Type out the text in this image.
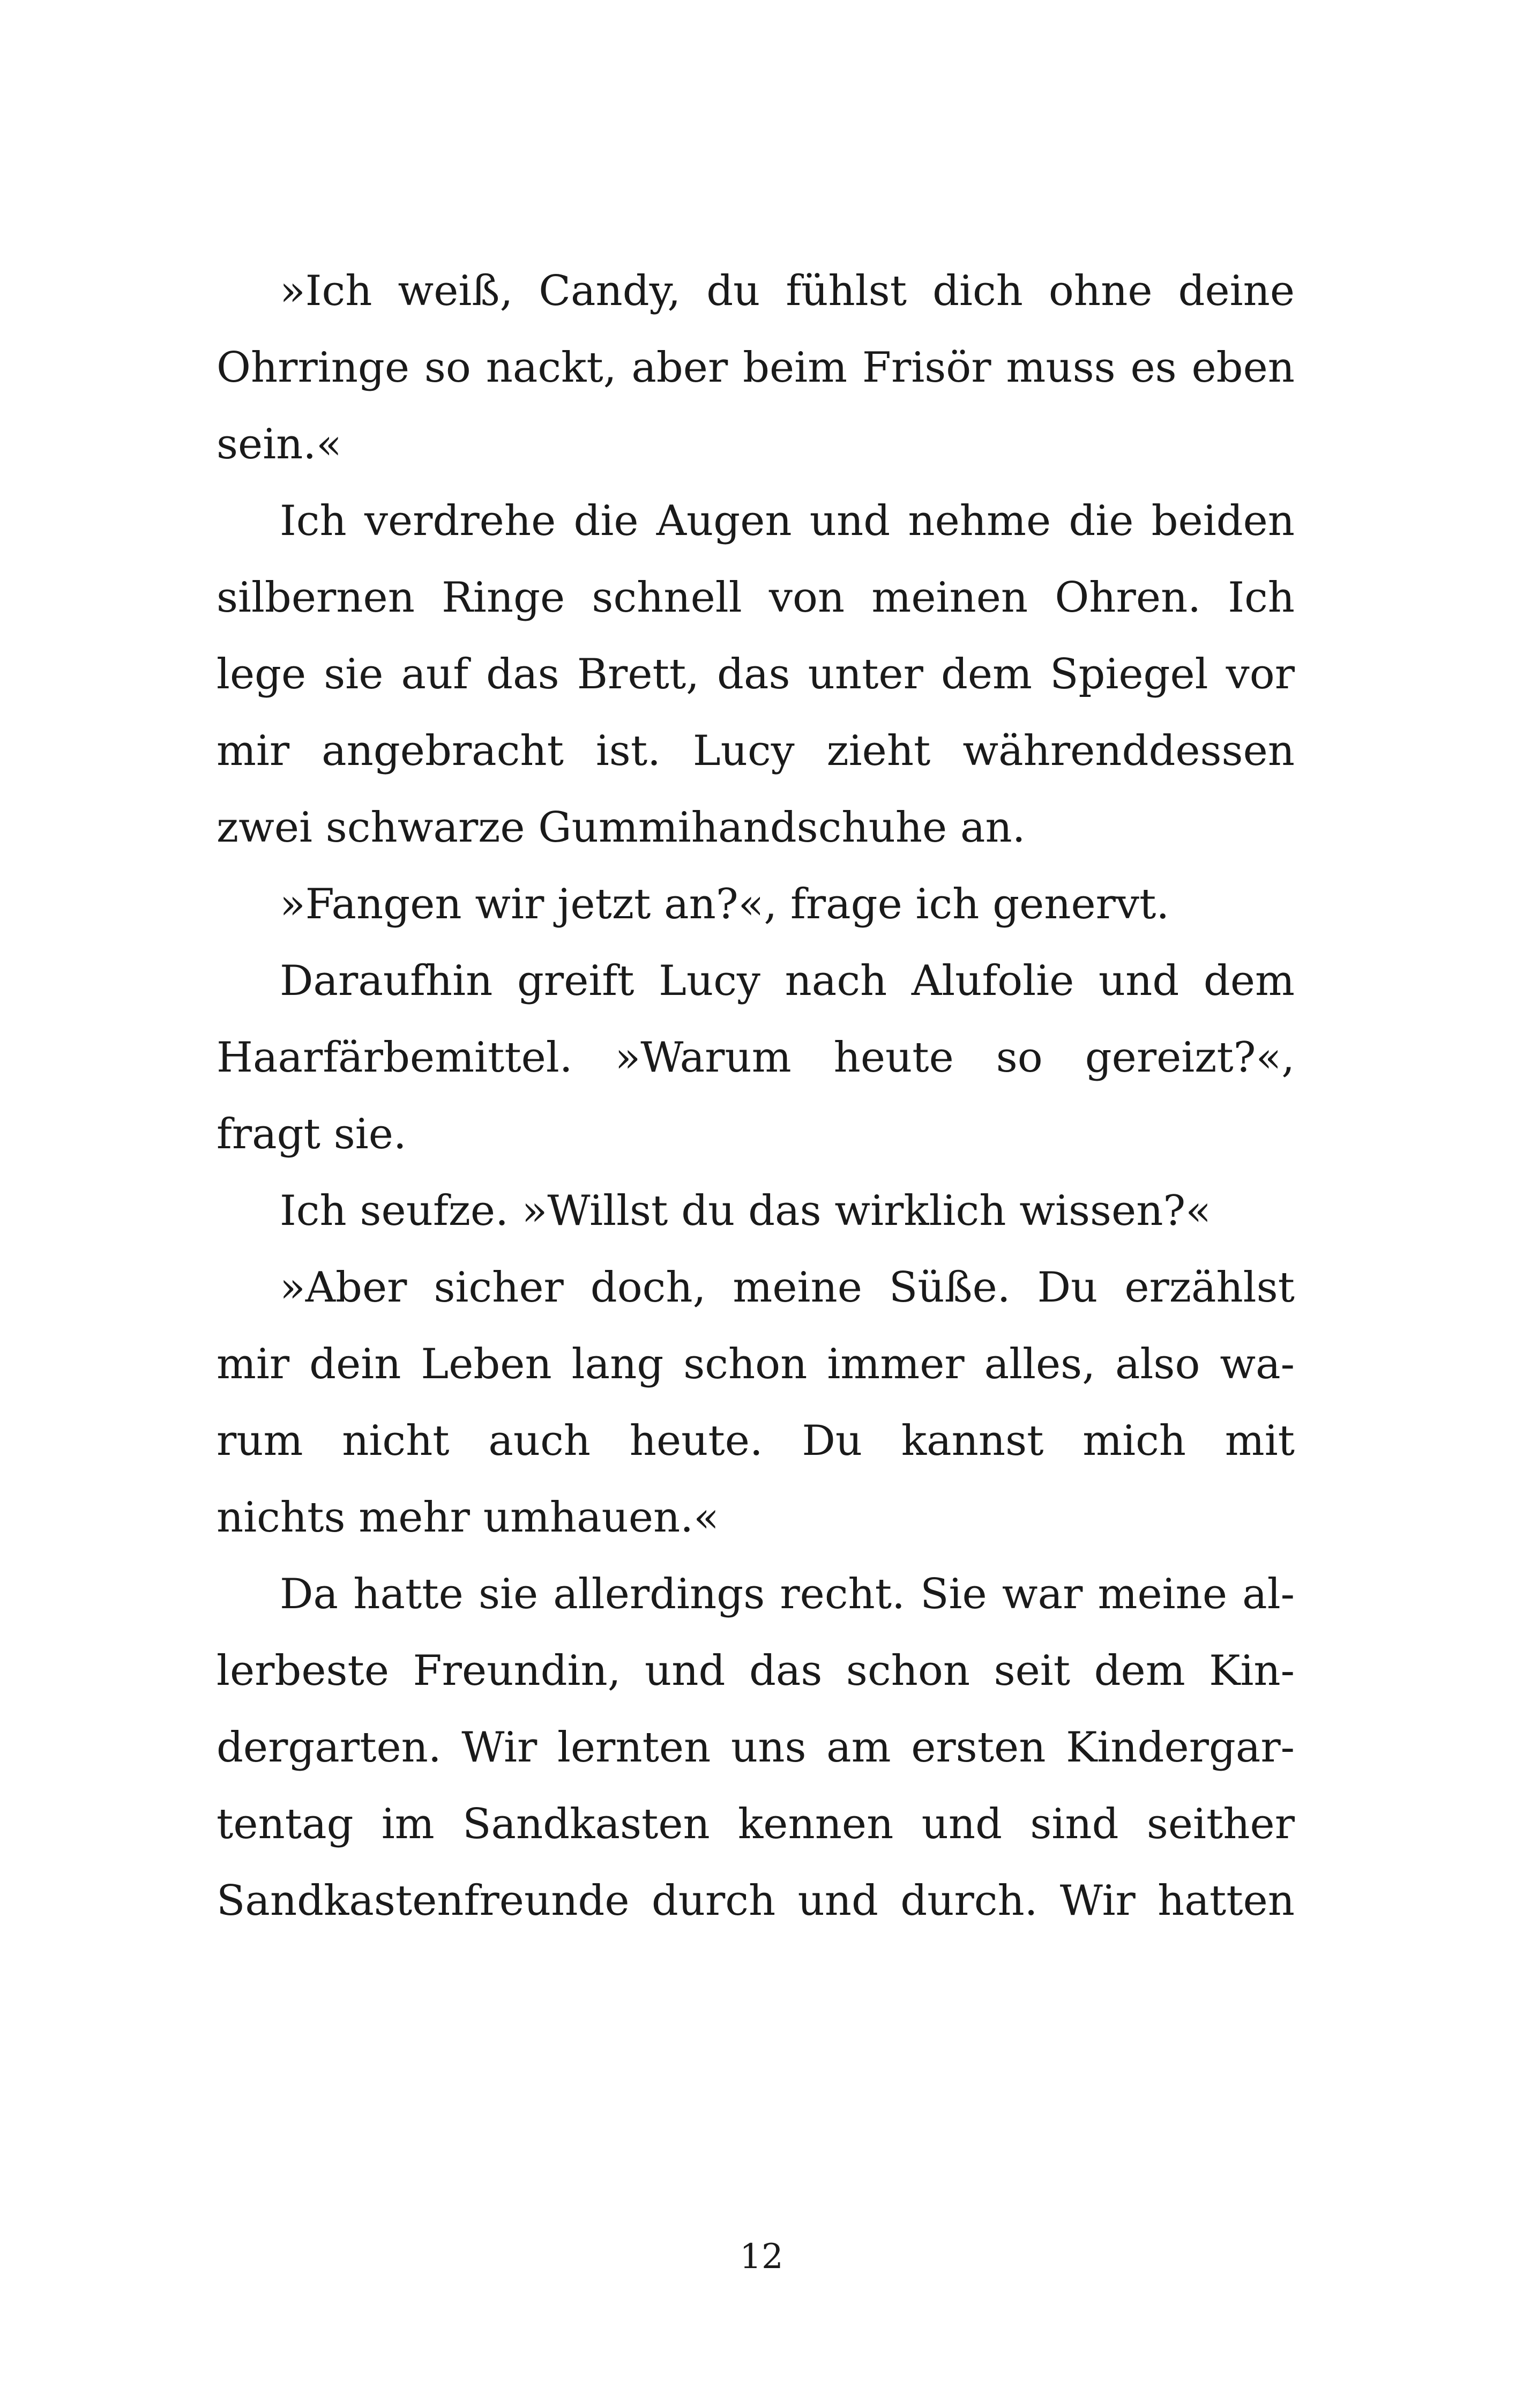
»Ich weiß, Candy, du fühlst dich ohne deine
Ohrringe so nackt, aber beim Frisör muss es eben
sein.«
Ich verdrehe die Augen und nehme die beiden
silbernen Ringe schnell von meinen Ohren. Ich
lege sie auf das Brett, das unter dem Spiegel vor
mir angebracht ist. Lucy zieht währenddessen
zwei schwarze Gummihandschuhe an.
»Fangen wir jetzt an?«, frage ich genervt.
Daraufhin greift Lucy nach Alufolie und dem
Haarfärbemittel. »Warum heute so gereizt?«,
fragt sie.
Ich seufze. »Willst du das wirklich wissen?«
»Aber sicher doch, meine Süße. Du erzählst
mir dein Leben lang schon immer alles, also wa-
rum nicht auch heute. Du kannst mich mit
nichts mehr umhauen.«
Da hatte sie allerdings recht. Sie war meine al-
lerbeste Freundin, und das schon seit dem Kin-
dergarten. Wir lernten uns am ersten Kindergar-
tentag im Sandkasten kennen und sind seither
Sandkastenfreunde durch und durch. Wir hatten
12
